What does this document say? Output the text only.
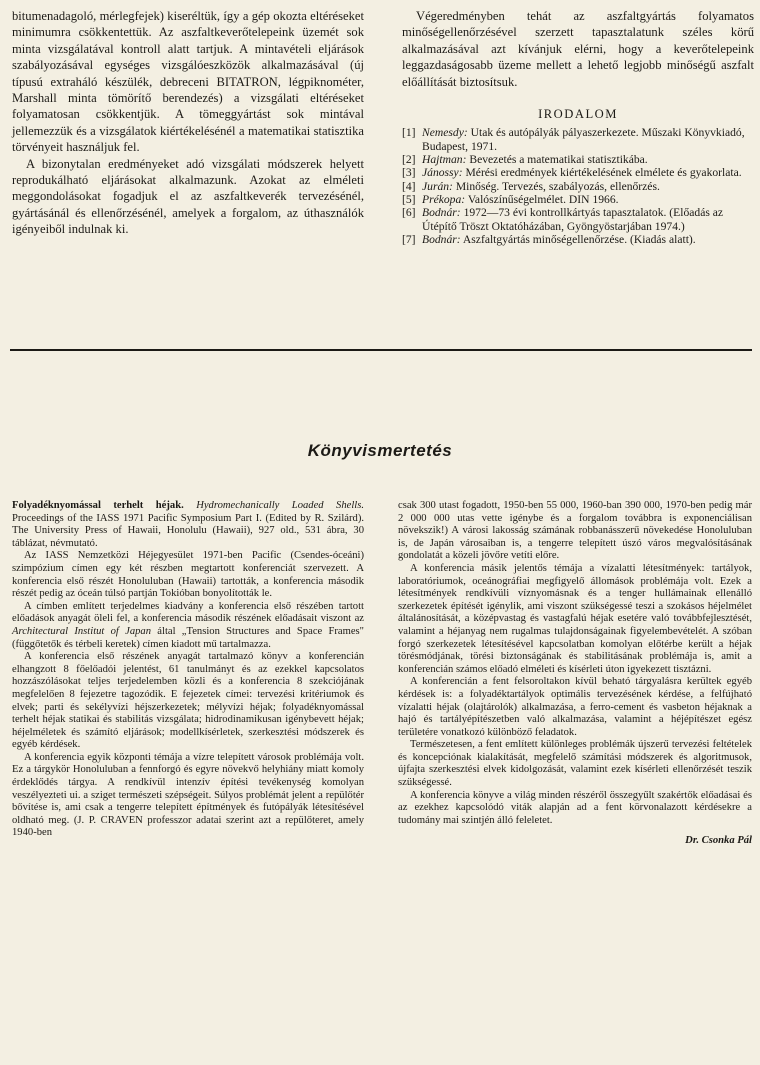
bitumenadagoló, mérlegfejek) kiseréltük, így a gép okozta eltéréseket minimumra csökkentettük. Az aszfaltkeverőtelepeink üzemét sok minta vizsgálatával kontroll alatt tartjuk. A mintavételi eljárások szabályozásával egységes vizsgálóeszközök alkalmazásával (új típusú extraháló készülék, debreceni BITATRON, légpiknométer, Marshall minta tömörítő berendezés) a vizsgálati eltéréseket folyamatosan csökkentjük. A tömeggyártást sok mintával jellemezzük és a vizsgálatok kiértékelésénél a matematikai statisztika törvényeit használjuk fel.

A bizonytalan eredményeket adó vizsgálati módszerek helyett reprodukálható eljárásokat alkalmazunk. Azokat az elméleti meggondolásokat fogadjuk el az aszfaltkeverék tervezésénél, gyártásánál és ellenőrzésénél, amelyek a forgalom, az úthasználók igényeiből indulnak ki.

Végeredményben tehát az aszfaltgyártás folyamatos minőségellenőrzésével szerzett tapasztalatunk széles körű alkalmazásával azt kívánjuk elérni, hogy a keverőtelepeink leggazdaságosabb üzeme mellett a lehető legjobb minőségű aszfalt előállítását biztosítsuk.

IRODALOM
[1] Nemesdy: Utak és autópályák pályaszerkezete. Műszaki Könyvkiadó, Budapest, 1971.
[2] Hajtman: Bevezetés a matematikai statisztikába.
[3] Jánossy: Mérési eredmények kiértékelésének elmélete és gyakorlata.
[4] Jurán: Minőség. Tervezés, szabályozás, ellenőrzés.
[5] Prékopa: Valószínűségelmélet. DIN 1966.
[6] Bodnár: 1972—73 évi kontrollkártyás tapasztalatok. (Előadás az Útépítő Tröszt Oktatóházában, Gyöngyöstarjában 1974.)
[7] Bodnár: Aszfaltgyártás minőségellenőrzése. (Kiadás alatt).
Könyvismertetés

Folyadéknyomással terhelt héjak. Hydromechanically Loaded Shells. Proceedings of the IASS 1971 Pacific Symposium Part I. (Edited by R. Szilárd). The University Press of Hawaii, Honolulu (Hawaii), 927 old., 531 ábra, 30 táblázat, névmutató.

Az IASS Nemzetközi Héjegyesület 1971-ben Pacific (Csendes-óceáni) szimpózium címen egy két részben megtartott konferenciát szervezett. A konferencia első részét Honoluluban (Hawaii) tartották, a konferencia második részét pedig az óceán túlsó partján Tokióban bonyolították le.

A címben említett terjedelmes kiadvány a konferencia első részében tartott előadások anyagát öleli fel, a konferencia második részének előadásait viszont az Architectural Institut of Japan által „Tension Structures and Space Frames" (függőtetők és térbeli keretek) címen kiadott mű tartalmazza.

A konferencia első részének anyagát tartalmazó könyv a konferencián elhangzott 8 főelőadói jelentést, 61 tanulmányt és az ezekkel kapcsolatos hozzászólásokat teljes terjedelemben közli és a konferencia 8 szekciójának megfelelően 8 fejezetre tagozódik. E fejezetek címei: tervezési kritériumok és elvek; parti és sekélyvízi héjszerkezetek; mélyvízi héjak; folyadéknyomással terhelt héjak statikai és stabilitás vizsgálata; hidrodinamikusan igénybevett héjak; héjelméletek és számító eljárások; modellkísérletek, szerkesztési módszerek és egyéb kérdések.

A konferencia egyik központi témája a vízre telepített városok problémája volt. Ez a tárgykör Honoluluban a fennforgó és egyre növekvő helyhiány miatt komoly érdeklődés tárgya. A rendkívül intenzív építési tevékenység komolyan veszélyezteti ui. a sziget természeti szépségeit. Súlyos problémát jelent a repülőtér bővítése is, ami csak a tengerre telepített építmények és futópályák létesítésével oldható meg. (J. P. CRAVEN professzor adatai szerint azt a repülőteret, amely 1940-ben

csak 300 utast fogadott, 1950-ben 55 000, 1960-ban 390 000, 1970-ben pedig már 2 000 000 utas vette igénybe és a forgalom továbbra is exponenciálisan növekszik!) A városi lakosság számának robbanásszerű növekedése Honoluluban is, de Japán városaiban is, a tengerre telepített úszó város megvalósításának gondolatát a közeli jövőre vetíti előre.

A konferencia másik jelentős témája a vízalatti létesítmények: tartályok, laboratóriumok, oceánográfiai megfigyelő állomások problémája volt. Ezek a létesítmények rendkívüli víznyomásnak és a tenger hullámainak ellenálló szerkezetek építését igénylik, ami viszont szükségessé teszi a szokásos héjelmélet általánosítását, a középvastag és vastagfalú héjak esetére való továbbfejlesztését, valamint a héjanyag nem rugalmas tulajdonságainak figyelembevételét. A szóban forgó szerkezetek létesítésével kapcsolatban komolyan előtérbe került a héjak törésmódjának, törési biztonságának és stabilitásának problémája is, amit a konferencián számos előadó elméleti és kísérleti úton igyekezett tisztázni.

A konferencián a fent felsoroltakon kívül beható tárgyalásra kerültek egyéb kérdések is: a folyadéktartályok optimális tervezésének kérdése, a felfújható vízalatti héjak (olajtárolók) alkalmazása, a ferro-cement és vasbeton héjaknak a hajó és tartályépítészetben való alkalmazása, valamint a héjépítészet egész területére vonatkozó különböző feladatok.

Természetesen, a fent említett különleges problémák újszerű tervezési feltételek és koncepciónak kialakítását, megfelelő számítási módszerek és algoritmusok, újfajta szerkesztési elvek kidolgozását, valamint ezek kísérleti ellenőrzését teszik szükségessé.

A konferencia könyve a világ minden részéről összegyűlt szakértők előadásai és az ezekhez kapcsolódó viták alapján ad a fent körvonalazott kérdésekre a tudomány mai szintjén álló feleletet.

Dr. Csonka Pál
